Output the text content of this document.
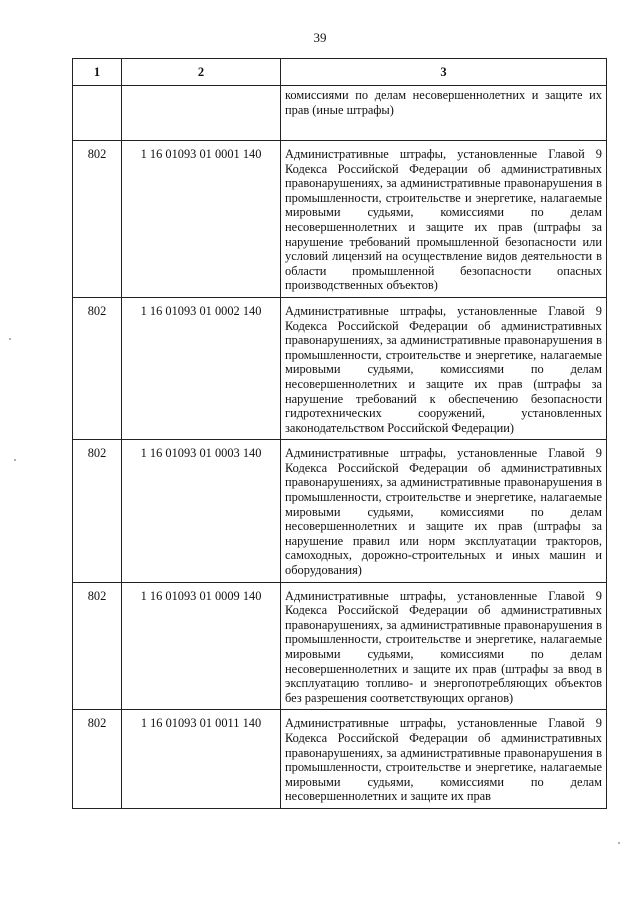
39
1	2	3
		комиссиями по делам несовершеннолетних и защите их прав (иные штрафы)
802	1 16 01093 01 0001 140	Административные штрафы, установленные Главой 9 Кодекса Российской Федерации об административных правонарушениях, за административные правонарушения в промышленности, строительстве и энергетике, налагаемые мировыми судьями, комиссиями по делам несовершеннолетних и защите их прав (штрафы за нарушение требований промышленной безопасности или условий лицензий на осуществление видов деятельности в области промышленной безопасности опасных производственных объектов)
802	1 16 01093 01 0002 140	Административные штрафы, установленные Главой 9 Кодекса Российской Федерации об административных правонарушениях, за административные правонарушения в промышленности, строительстве и энергетике, налагаемые мировыми судьями, комиссиями по делам несовершеннолетних и защите их прав (штрафы за нарушение требований к обеспечению безопасности гидротехнических сооружений, установленных законодательством Российской Федерации)
802	1 16 01093 01 0003 140	Административные штрафы, установленные Главой 9 Кодекса Российской Федерации об административных правонарушениях, за административные правонарушения в промышленности, строительстве и энергетике, налагаемые мировыми судьями, комиссиями по делам несовершеннолетних и защите их прав (штрафы за нарушение правил или норм эксплуатации тракторов, самоходных, дорожно-строительных и иных машин и оборудования)
802	1 16 01093 01 0009 140	Административные штрафы, установленные Главой 9 Кодекса Российской Федерации об административных правонарушениях, за административные правонарушения в промышленности, строительстве и энергетике, налагаемые мировыми судьями, комиссиями по делам несовершеннолетних и защите их прав (штрафы за ввод в эксплуатацию топливо- и энергопотребляющих объектов без разрешения соответствующих органов)
802	1 16 01093 01 0011 140	Административные штрафы, установленные Главой 9 Кодекса Российской Федерации об административных правонарушениях, за административные правонарушения в промышленности, строительстве и энергетике, налагаемые мировыми судьями, комиссиями по делам несовершеннолетних и защите их прав
